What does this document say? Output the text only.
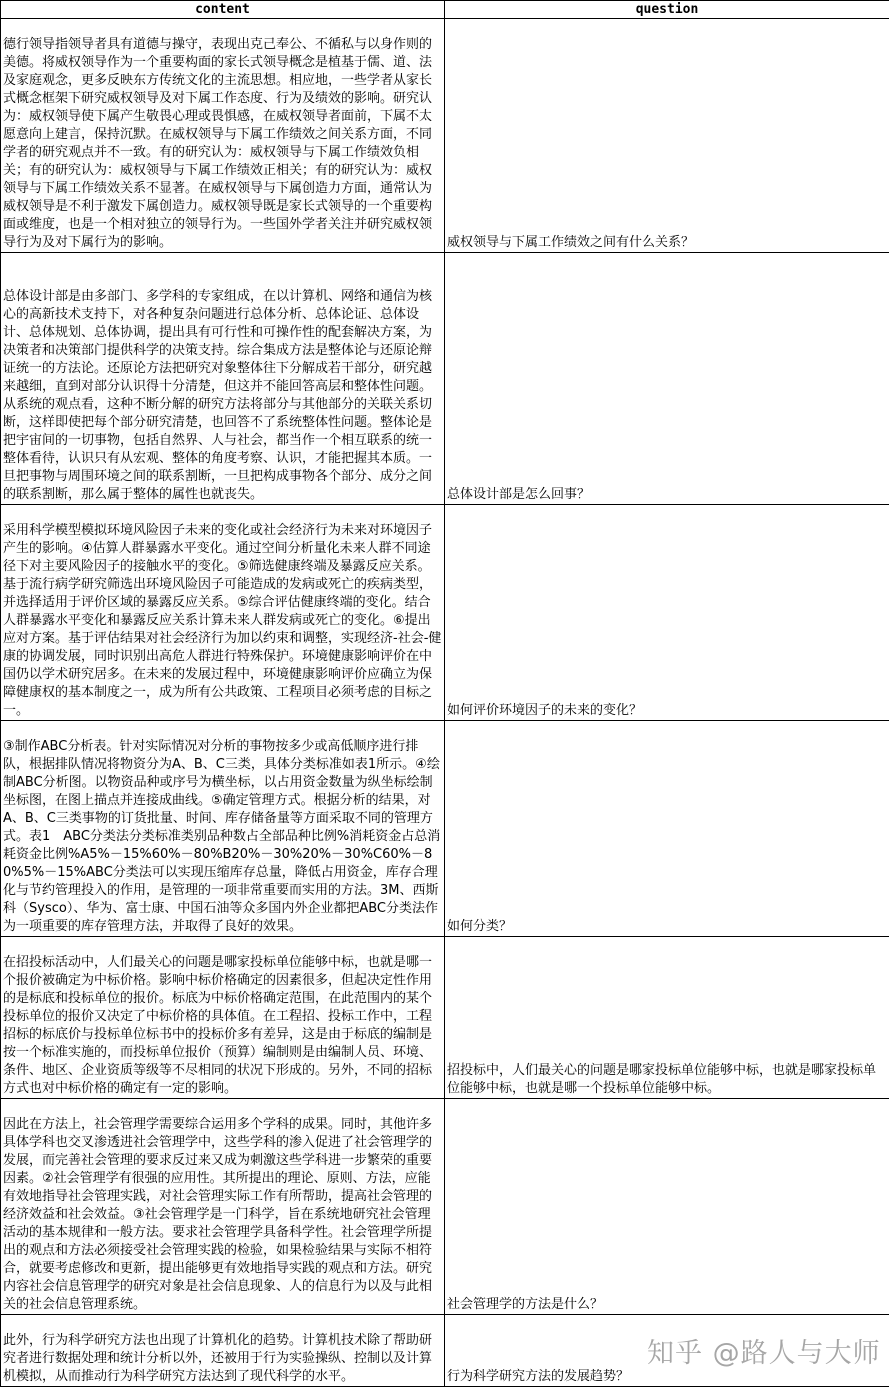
content	question
德行领导指领导者具有道德与操守，表现出克己奉公、不循私与以身作则的美德。将威权领导作为一个重要构面的家长式领导概念是植基于儒、道、法及家庭观念，更多反映东方传统文化的主流思想。相应地，一些学者从家长式概念框架下研究威权领导及对下属工作态度、行为及绩效的影响。研究认为：威权领导使下属产生敬畏心理或畏惧感，在威权领导者面前，下属不太愿意向上建言，保持沉默。在威权领导与下属工作绩效之间关系方面，不同学者的研究观点并不一致。有的研究认为：威权领导与下属工作绩效负相关；有的研究认为：威权领导与下属工作绩效正相关；有的研究认为：威权领导与下属工作绩效关系不显著。在威权领导与下属创造力方面，通常认为威权领导是不利于激发下属创造力。威权领导既是家长式领导的一个重要构面或维度，也是一个相对独立的领导行为。一些国外学者关注并研究威权领导行为及对下属行为的影响。	威权领导与下属工作绩效之间有什么关系？
总体设计部是由多部门、多学科的专家组成，在以计算机、网络和通信为核心的高新技术支持下，对各种复杂问题进行总体分析、总体论证、总体设计、总体规划、总体协调，提出具有可行性和可操作性的配套解决方案，为决策者和决策部门提供科学的决策支持。综合集成方法是整体论与还原论辩证统一的方法论。还原论方法把研究对象整体往下分解成若干部分，研究越来越细，直到对部分认识得十分清楚，但这并不能回答高层和整体性问题。从系统的观点看，这种不断分解的研究方法将部分与其他部分的关联关系切断，这样即使把每个部分研究清楚，也回答不了系统整体性问题。整体论是把宇宙间的一切事物，包括自然界、人与社会，都当作一个相互联系的统一整体看待，认识只有从宏观、整体的角度考察、认识，才能把握其本质。一旦把事物与周围环境之间的联系割断，一旦把构成事物各个部分、成分之间的联系割断，那么属于整体的属性也就丧失。	总体设计部是怎么回事？
采用科学模型模拟环境风险因子未来的变化或社会经济行为未来对环境因子产生的影响。④估算人群暴露水平变化。通过空间分析量化未来人群不同途径下对主要风险因子的接触水平的变化。⑤筛选健康终端及暴露反应关系。基于流行病学研究筛选出环境风险因子可能造成的发病或死亡的疾病类型，并选择适用于评价区域的暴露反应关系。⑤综合评估健康终端的变化。结合人群暴露水平变化和暴露反应关系计算未来人群发病或死亡的变化。⑥提出应对方案。基于评估结果对社会经济行为加以约束和调整，实现经济-社会-健康的协调发展，同时识别出高危人群进行特殊保护。环境健康影响评价在中国仍以学术研究居多。在未来的发展过程中，环境健康影响评价应确立为保障健康权的基本制度之一，成为所有公共政策、工程项目必须考虑的目标之一。	如何评价环境因子的未来的变化？
③制作ABC分析表。针对实际情况对分析的事物按多少或高低顺序进行排队，根据排队情况将物资分为A、B、C三类，具体分类标准如表1所示。④绘制ABC分析图。以物资品种或序号为横坐标，以占用资金数量为纵坐标绘制坐标图，在图上描点并连接成曲线。⑤确定管理方式。根据分析的结果，对A、B、C三类事物的订货批量、时间、库存储备量等方面采取不同的管理方式。表1　ABC分类法分类标准类别品种数占全部品种比例%消耗资金占总消耗资金比例%A5%－15%60%－80%B20%－30%20%－30%C60%－80%5%－15%ABC分类法可以实现压缩库存总量，降低占用资金，库存合理化与节约管理投入的作用，是管理的一项非常重要而实用的方法。3M、西斯科（Sysco）、华为、富士康、中国石油等众多国内外企业都把ABC分类法作为一项重要的库存管理方法，并取得了良好的效果。	如何分类？
在招投标活动中，人们最关心的问题是哪家投标单位能够中标，也就是哪一个报价被确定为中标价格。影响中标价格确定的因素很多，但起决定性作用的是标底和投标单位的报价。标底为中标价格确定范围，在此范围内的某个投标单位的报价又决定了中标价格的具体值。在工程招、投标工作中，工程招标的标底价与投标单位标书中的投标价多有差异，这是由于标底的编制是按一个标准实施的，而投标单位报价（预算）编制则是由编制人员、环境、条件、地区、企业资质等级等不尽相同的状况下形成的。另外，不同的招标方式也对中标价格的确定有一定的影响。	招投标中，人们最关心的问题是哪家投标单位能够中标，也就是哪家投标单位能够中标，也就是哪一个投标单位能够中标。
因此在方法上，社会管理学需要综合运用多个学科的成果。同时，其他许多具体学科也交叉渗透进社会管理学中，这些学科的渗入促进了社会管理学的发展，而完善社会管理的要求反过来又成为刺激这些学科进一步繁荣的重要因素。②社会管理学有很强的应用性。其所提出的理论、原则、方法，应能有效地指导社会管理实践，对社会管理实际工作有所帮助，提高社会管理的经济效益和社会效益。③社会管理学是一门科学，旨在系统地研究社会管理活动的基本规律和一般方法。要求社会管理学具备科学性。社会管理学所提出的观点和方法必须接受社会管理实践的检验，如果检验结果与实际不相符合，就要考虑修改和更新，提出能够更有效地指导实践的观点和方法。研究内容社会信息管理学的研究对象是社会信息现象、人的信息行为以及与此相关的社会信息管理系统。	社会管理学的方法是什么？
此外，行为科学研究方法也出现了计算机化的趋势。计算机技术除了帮助研究者进行数据处理和统计分析以外，还被用于行为实验操纵、控制以及计算机模拟，从而推动行为科学研究方法达到了现代科学的水平。	行为科学研究方法的发展趋势？
知乎 @路人与大师
